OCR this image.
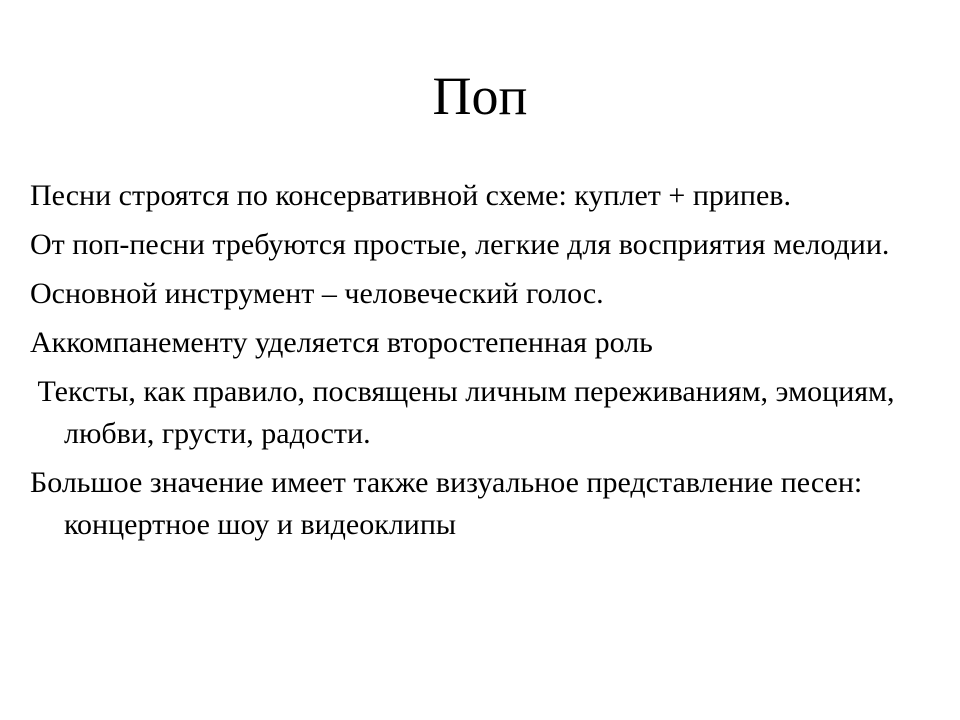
Поп
Песни строятся по консервативной схеме: куплет + припев.
От поп-песни требуются простые, легкие для восприятия мелодии.
Основной инструмент – человеческий голос.
Аккомпанементу уделяется второстепенная роль
Тексты, как правило, посвящены личным переживаниям, эмоциям, любви, грусти, радости.
Большое значение имеет также визуальное представление песен: концертное шоу и видеоклипы
